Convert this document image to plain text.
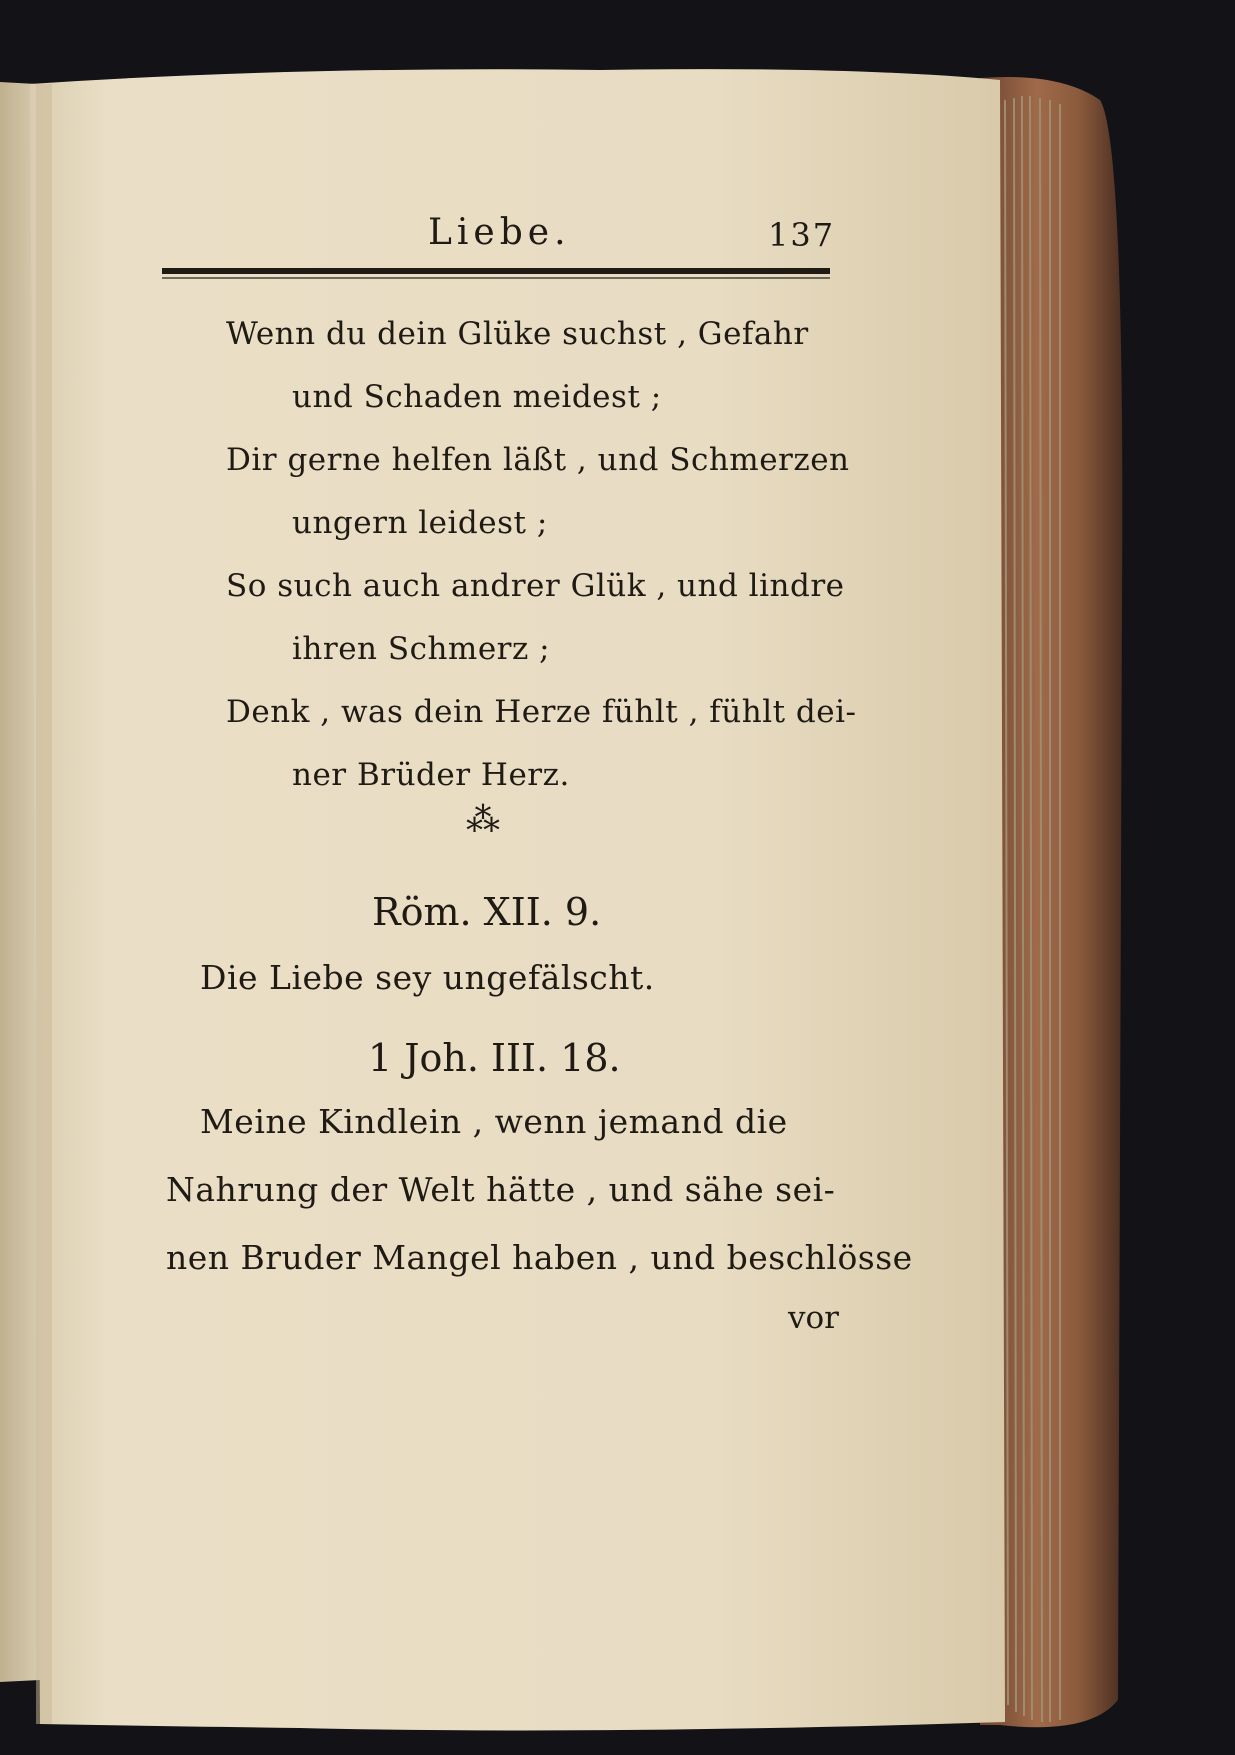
Liebe.	137
Wenn du dein Glüke suchst , Gefahr
und Schaden meidest ;
Dir gerne helfen läßt , und Schmerzen
ungern leidest ;
So such auch andrer Glük , und lindre
ihren Schmerz ;
Denk , was dein Herze fühlt , fühlt dei-
ner Brüder Herz.
⁂
Röm. XII. 9.
Die Liebe sey ungefälscht.
1 Joh. III. 18.
Meine Kindlein , wenn jemand die
Nahrung der Welt hätte , und sähe sei-
nen Bruder Mangel haben , und beschlösse
vor
